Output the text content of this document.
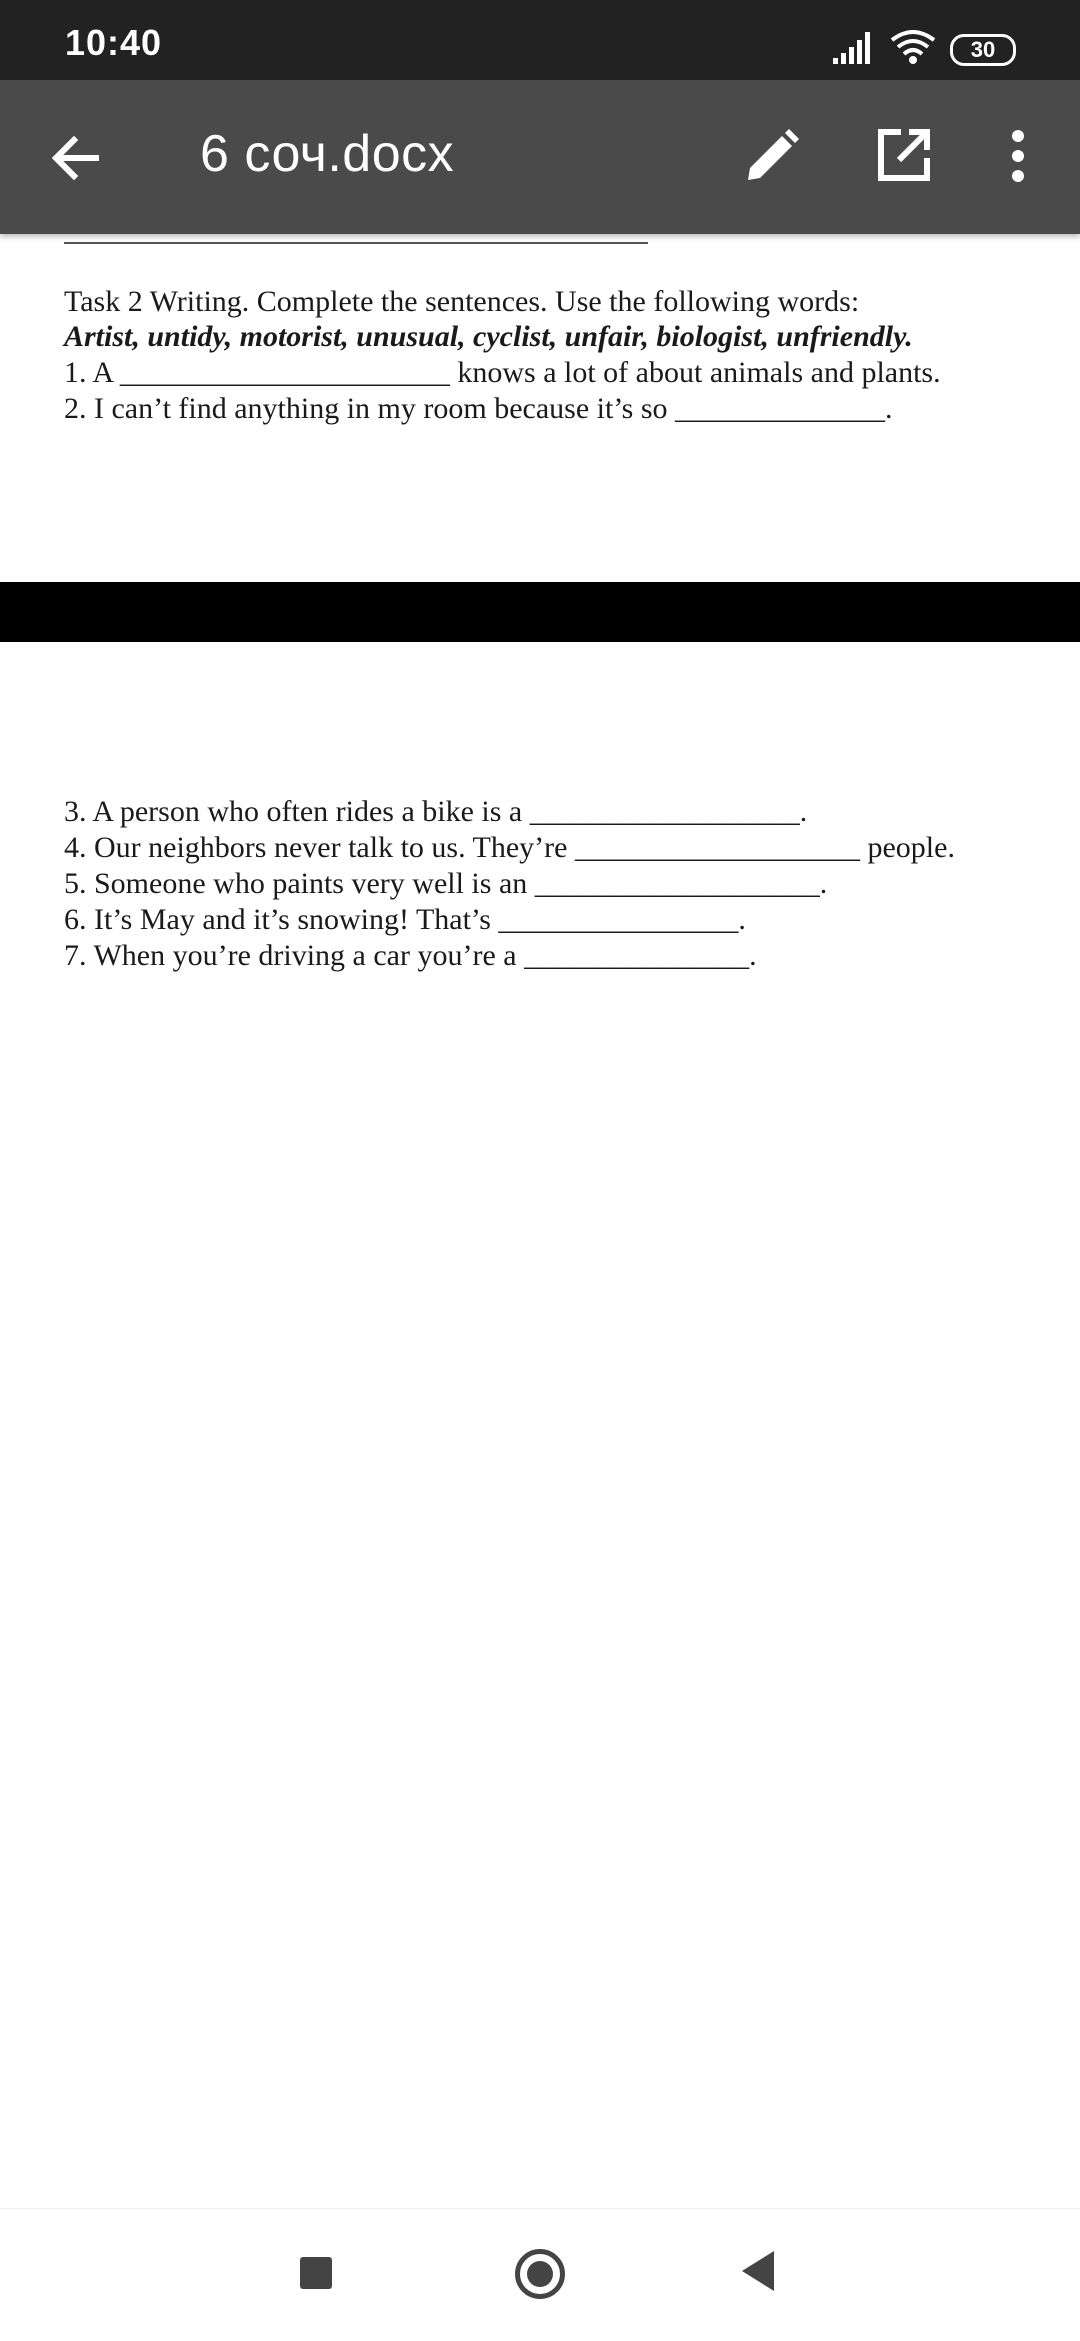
10:40	30
6 соч.docx
Task 2 Writing. Complete the sentences. Use the following words:
Artist, untidy, motorist, unusual, cyclist, unfair, biologist, unfriendly.
1. A ______________________ knows a lot of about animals and plants.
2. I can’t find anything in my room because it’s so ______________.
3. A person who often rides a bike is a __________________.
4. Our neighbors never talk to us. They’re ___________________ people.
5. Someone who paints very well is an ___________________.
6. It’s May and it’s snowing! That’s ________________.
7. When you’re driving a car you’re a _______________.
